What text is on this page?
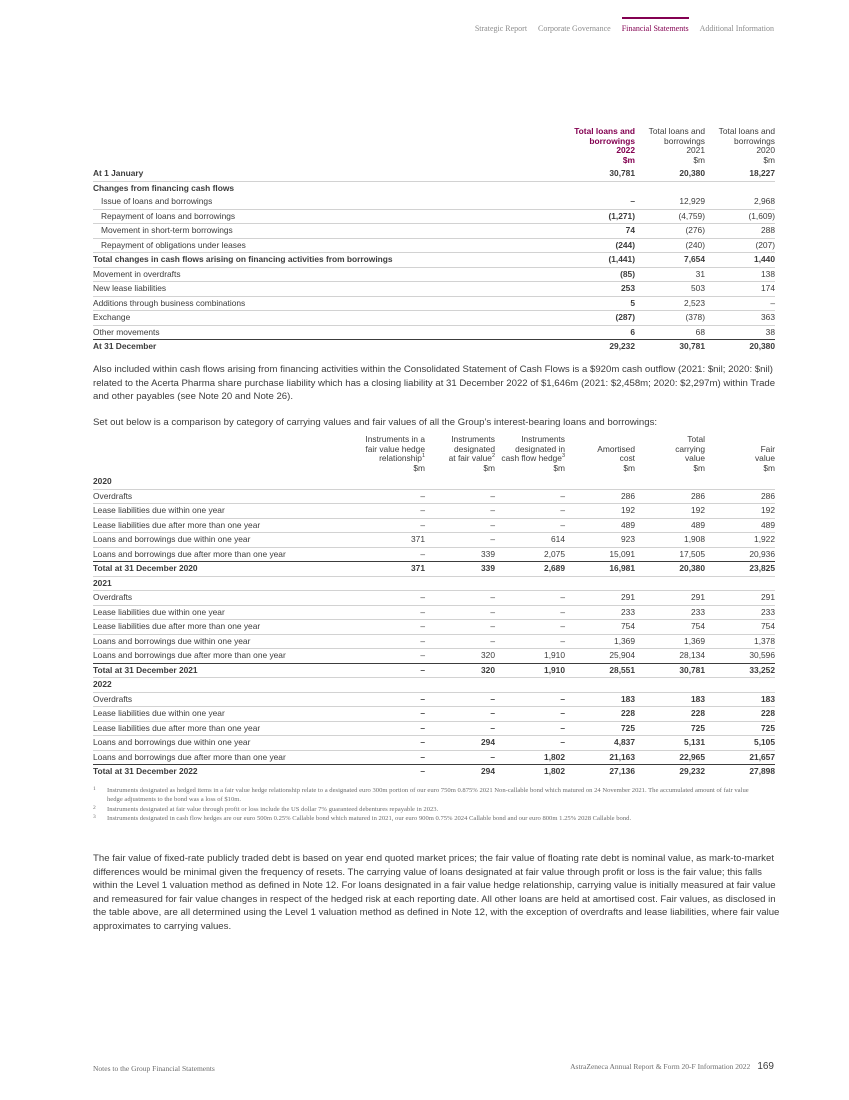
Strategic Report Corporate Governance Financial Statements Additional Information
	Total loans and
borrowings
2022
$m	Total loans and
borrowings
2021
$m	Total loans and
borrowings
2020
$m
At 1 January	30,781	20,380	18,227
Changes from financing cash flows			
Issue of loans and borrowings	–	12,929	2,968
Repayment of loans and borrowings	(1,271)	(4,759)	(1,609)
Movement in short-term borrowings	74	(276)	288
Repayment of obligations under leases	(244)	(240)	(207)
Total changes in cash flows arising on financing activities from borrowings	(1,441)	7,654	1,440
Movement in overdrafts	(85)	31	138
New lease liabilities	253	503	174
Additions through business combinations	5	2,523	–
Exchange	(287)	(378)	363
Other movements	6	68	38
At 31 December	29,232	30,781	20,380

Also included within cash flows arising from financing activities within the Consolidated Statement of Cash Flows is a $920m cash outflow (2021: $nil; 2020: $nil) related to the Acerta Pharma share purchase liability which has a closing liability at 31 December 2022 of $1,646m (2021: $2,458m; 2020: $2,297m) within Trade and other payables (see Note 20 and Note 26).

Set out below is a comparison by category of carrying values and fair values of all the Group’s interest-bearing loans and borrowings:

	Instruments in a
fair value hedge
relationship$^1$
$m	Instruments
designated
at fair value$^2$
$m	Instruments
designated in
cash flow hedge$^3$
$m	Amortised
cost
$m	Total
carrying
value
$m	Fair
value
$m
2020						
Overdrafts	–	–	–	286	286	286
Lease liabilities due within one year	–	–	–	192	192	192
Lease liabilities due after more than one year	–	–	–	489	489	489
Loans and borrowings due within one year	371	–	614	923	1,908	1,922
Loans and borrowings due after more than one year	–	339	2,075	15,091	17,505	20,936
Total at 31 December 2020	371	339	2,689	16,981	20,380	23,825
2021						
Overdrafts	–	–	–	291	291	291
Lease liabilities due within one year	–	–	–	233	233	233
Lease liabilities due after more than one year	–	–	–	754	754	754
Loans and borrowings due within one year	–	–	–	1,369	1,369	1,378
Loans and borrowings due after more than one year	–	320	1,910	25,904	28,134	30,596
Total at 31 December 2021	–	320	1,910	28,551	30,781	33,252
2022						
Overdrafts	–	–	–	183	183	183
Lease liabilities due within one year	–	–	–	228	228	228
Lease liabilities due after more than one year	–	–	–	725	725	725
Loans and borrowings due within one year	–	294	–	4,837	5,131	5,105
Loans and borrowings due after more than one year	–	–	1,802	21,163	22,965	21,657
Total at 31 December 2022	–	294	1,802	27,136	29,232	27,898
1 Instruments designated as hedged items in a fair value hedge relationship relate to a designated euro 300m portion of our euro 750m 0.875% 2021 Non-callable bond which matured on 24 November 2021. The accumulated amount of fair value hedge adjustments to the bond was a loss of $10m.
2 Instruments designated at fair value through profit or loss include the US dollar 7% guaranteed debentures repayable in 2023.
3 Instruments designated in cash flow hedges are our euro 500m 0.25% Callable bond which matured in 2021, our euro 900m 0.75% 2024 Callable bond and our euro 800m 1.25% 2028 Callable bond.

The fair value of fixed-rate publicly traded debt is based on year end quoted market prices; the fair value of floating rate debt is nominal value, as mark-to-market differences would be minimal given the frequency of resets. The carrying value of loans designated at fair value through profit or loss is the fair value; this falls within the Level 1 valuation method as defined in Note 12. For loans designated in a fair value hedge relationship, carrying value is initially measured at fair value and remeasured for fair value changes in respect of the hedged risk at each reporting date. All other loans are held at amortised cost. Fair values, as disclosed in the table above, are all determined using the Level 1 valuation method as defined in Note 12, with the exception of overdrafts and lease liabilities, where fair value approximates to carrying values.

Notes to the Group Financial Statements	AstraZeneca Annual Report & Form 20-F Information 2022 169
